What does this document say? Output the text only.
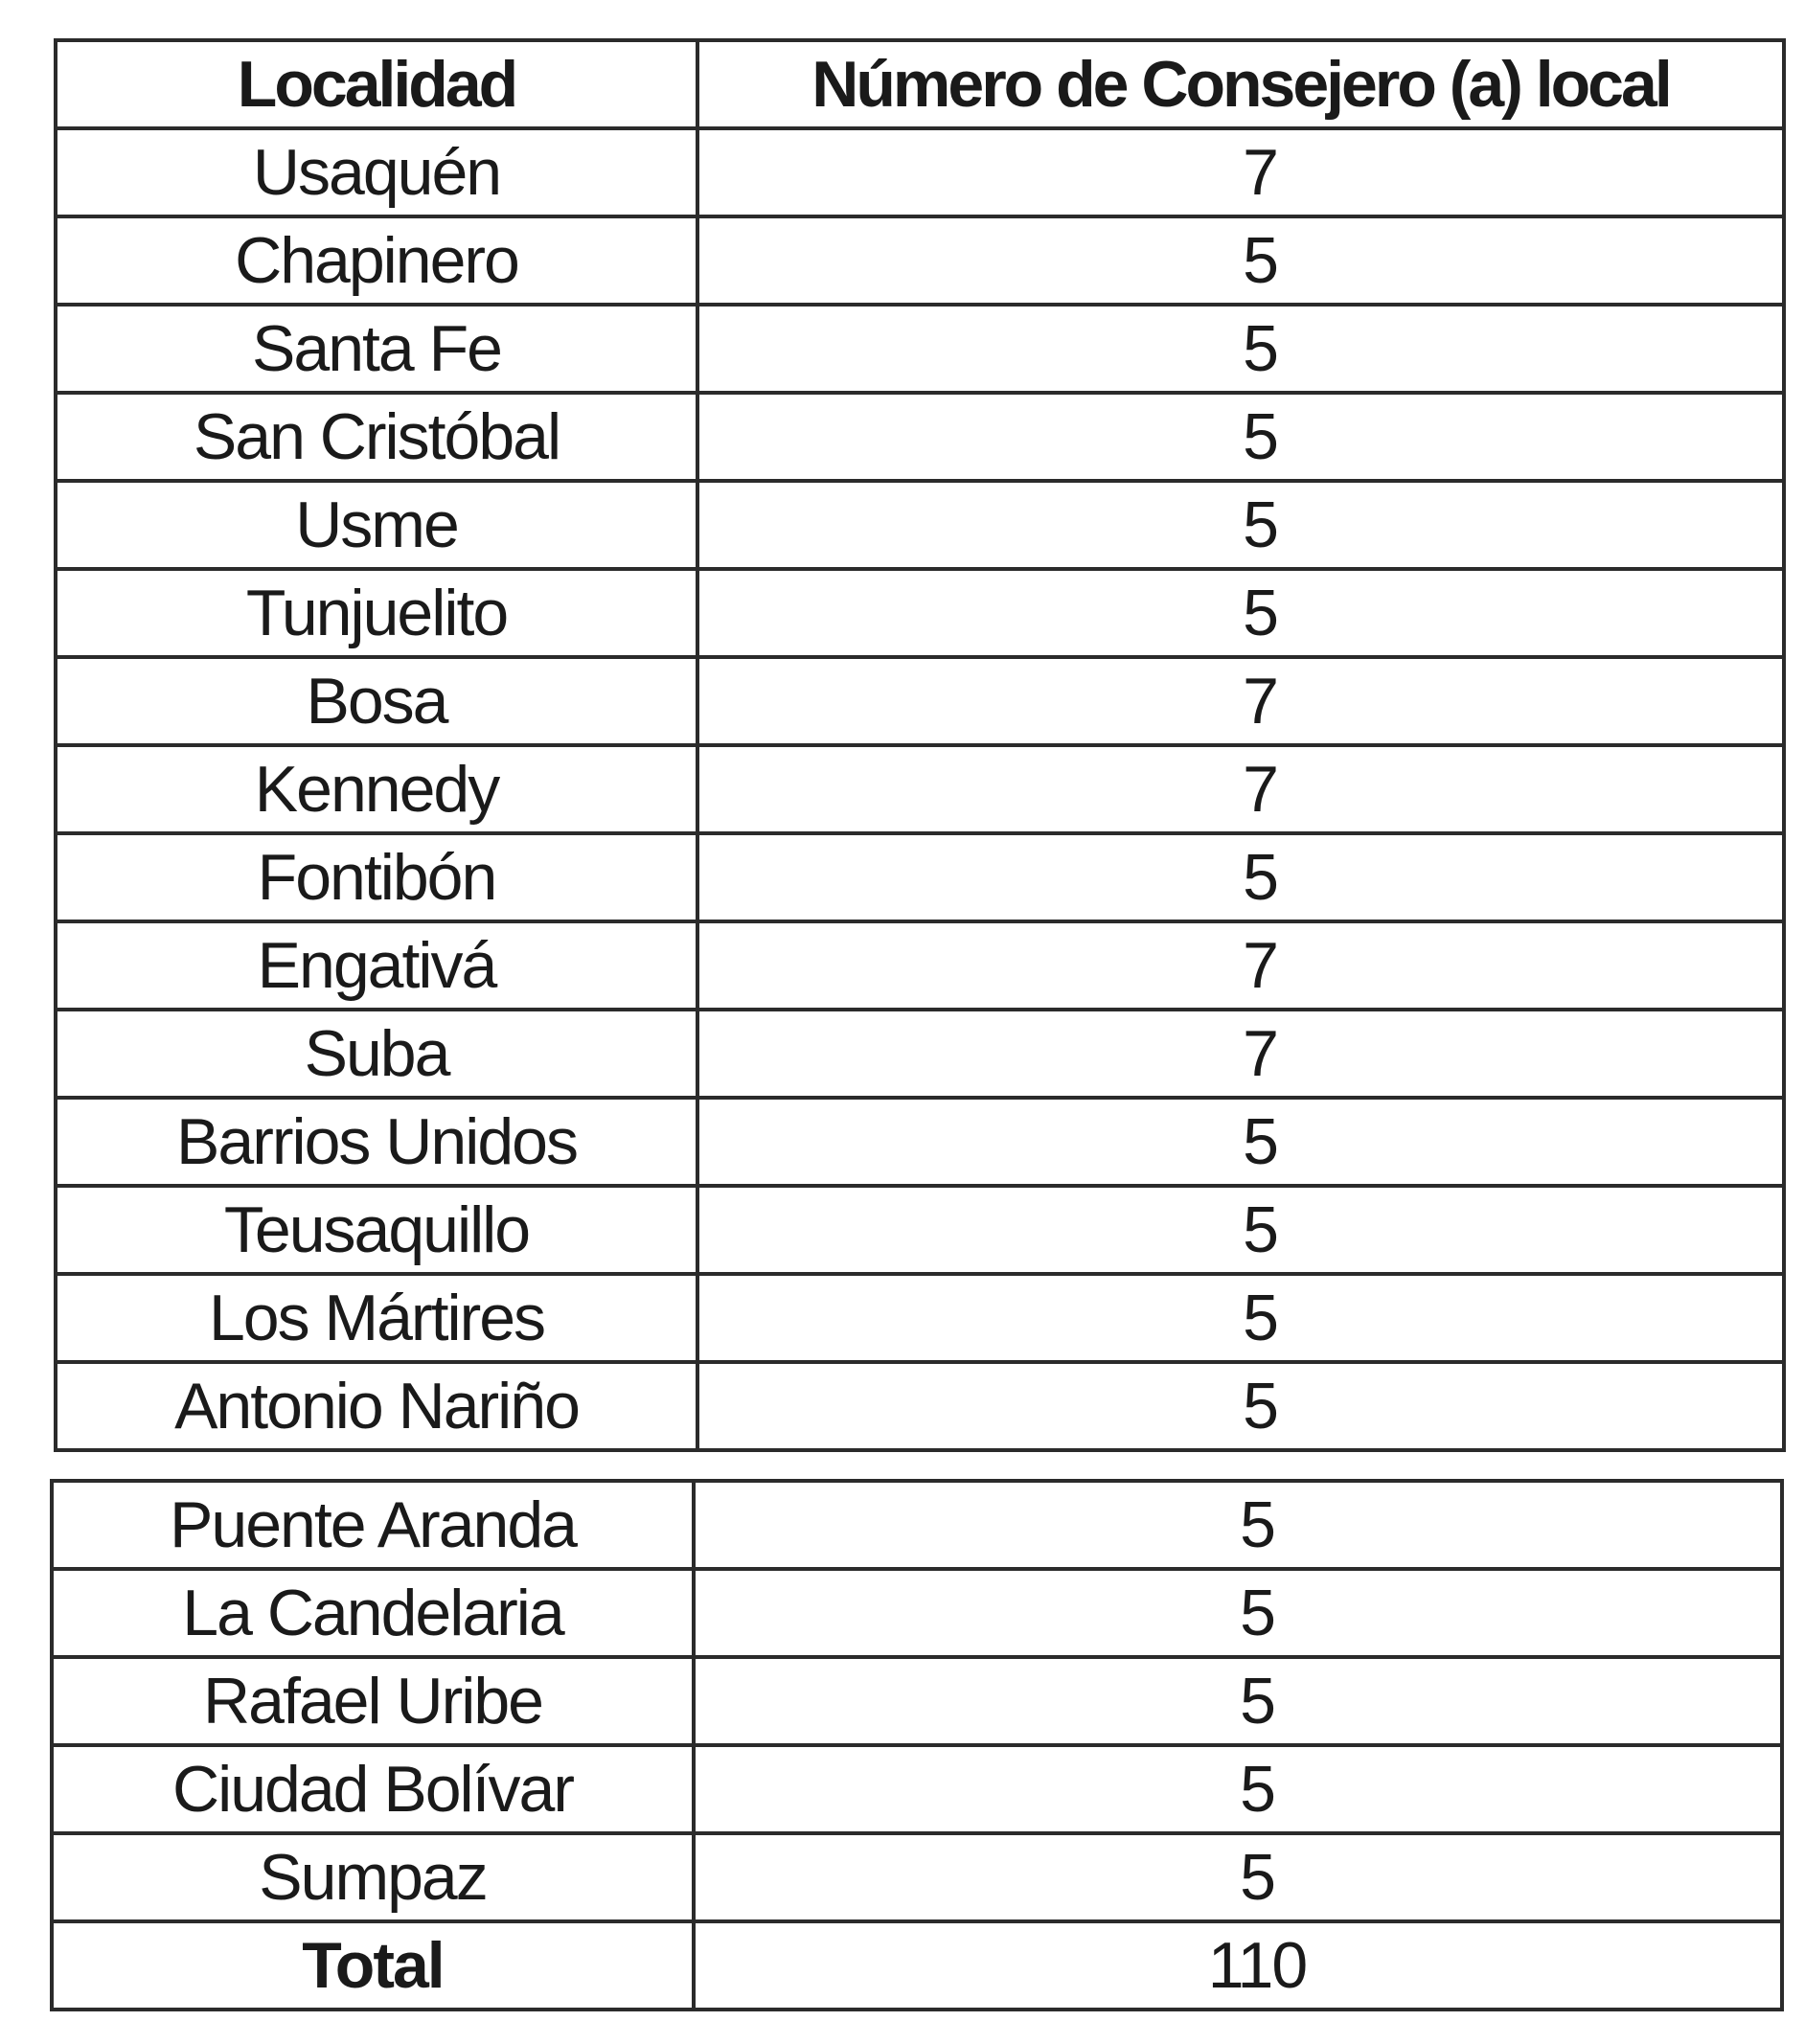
Localidad	Número de Consejero (a) local
Usaquén	7
Chapinero	5
Santa Fe	5
San Cristóbal	5
Usme	5
Tunjuelito	5
Bosa	7
Kennedy	7
Fontibón	5
Engativá	7
Suba	7
Barrios Unidos	5
Teusaquillo	5
Los Mártires	5
Antonio Nariño	5
Puente Aranda	5
La Candelaria	5
Rafael Uribe	5
Ciudad Bolívar	5
Sumpaz	5
Total	110
